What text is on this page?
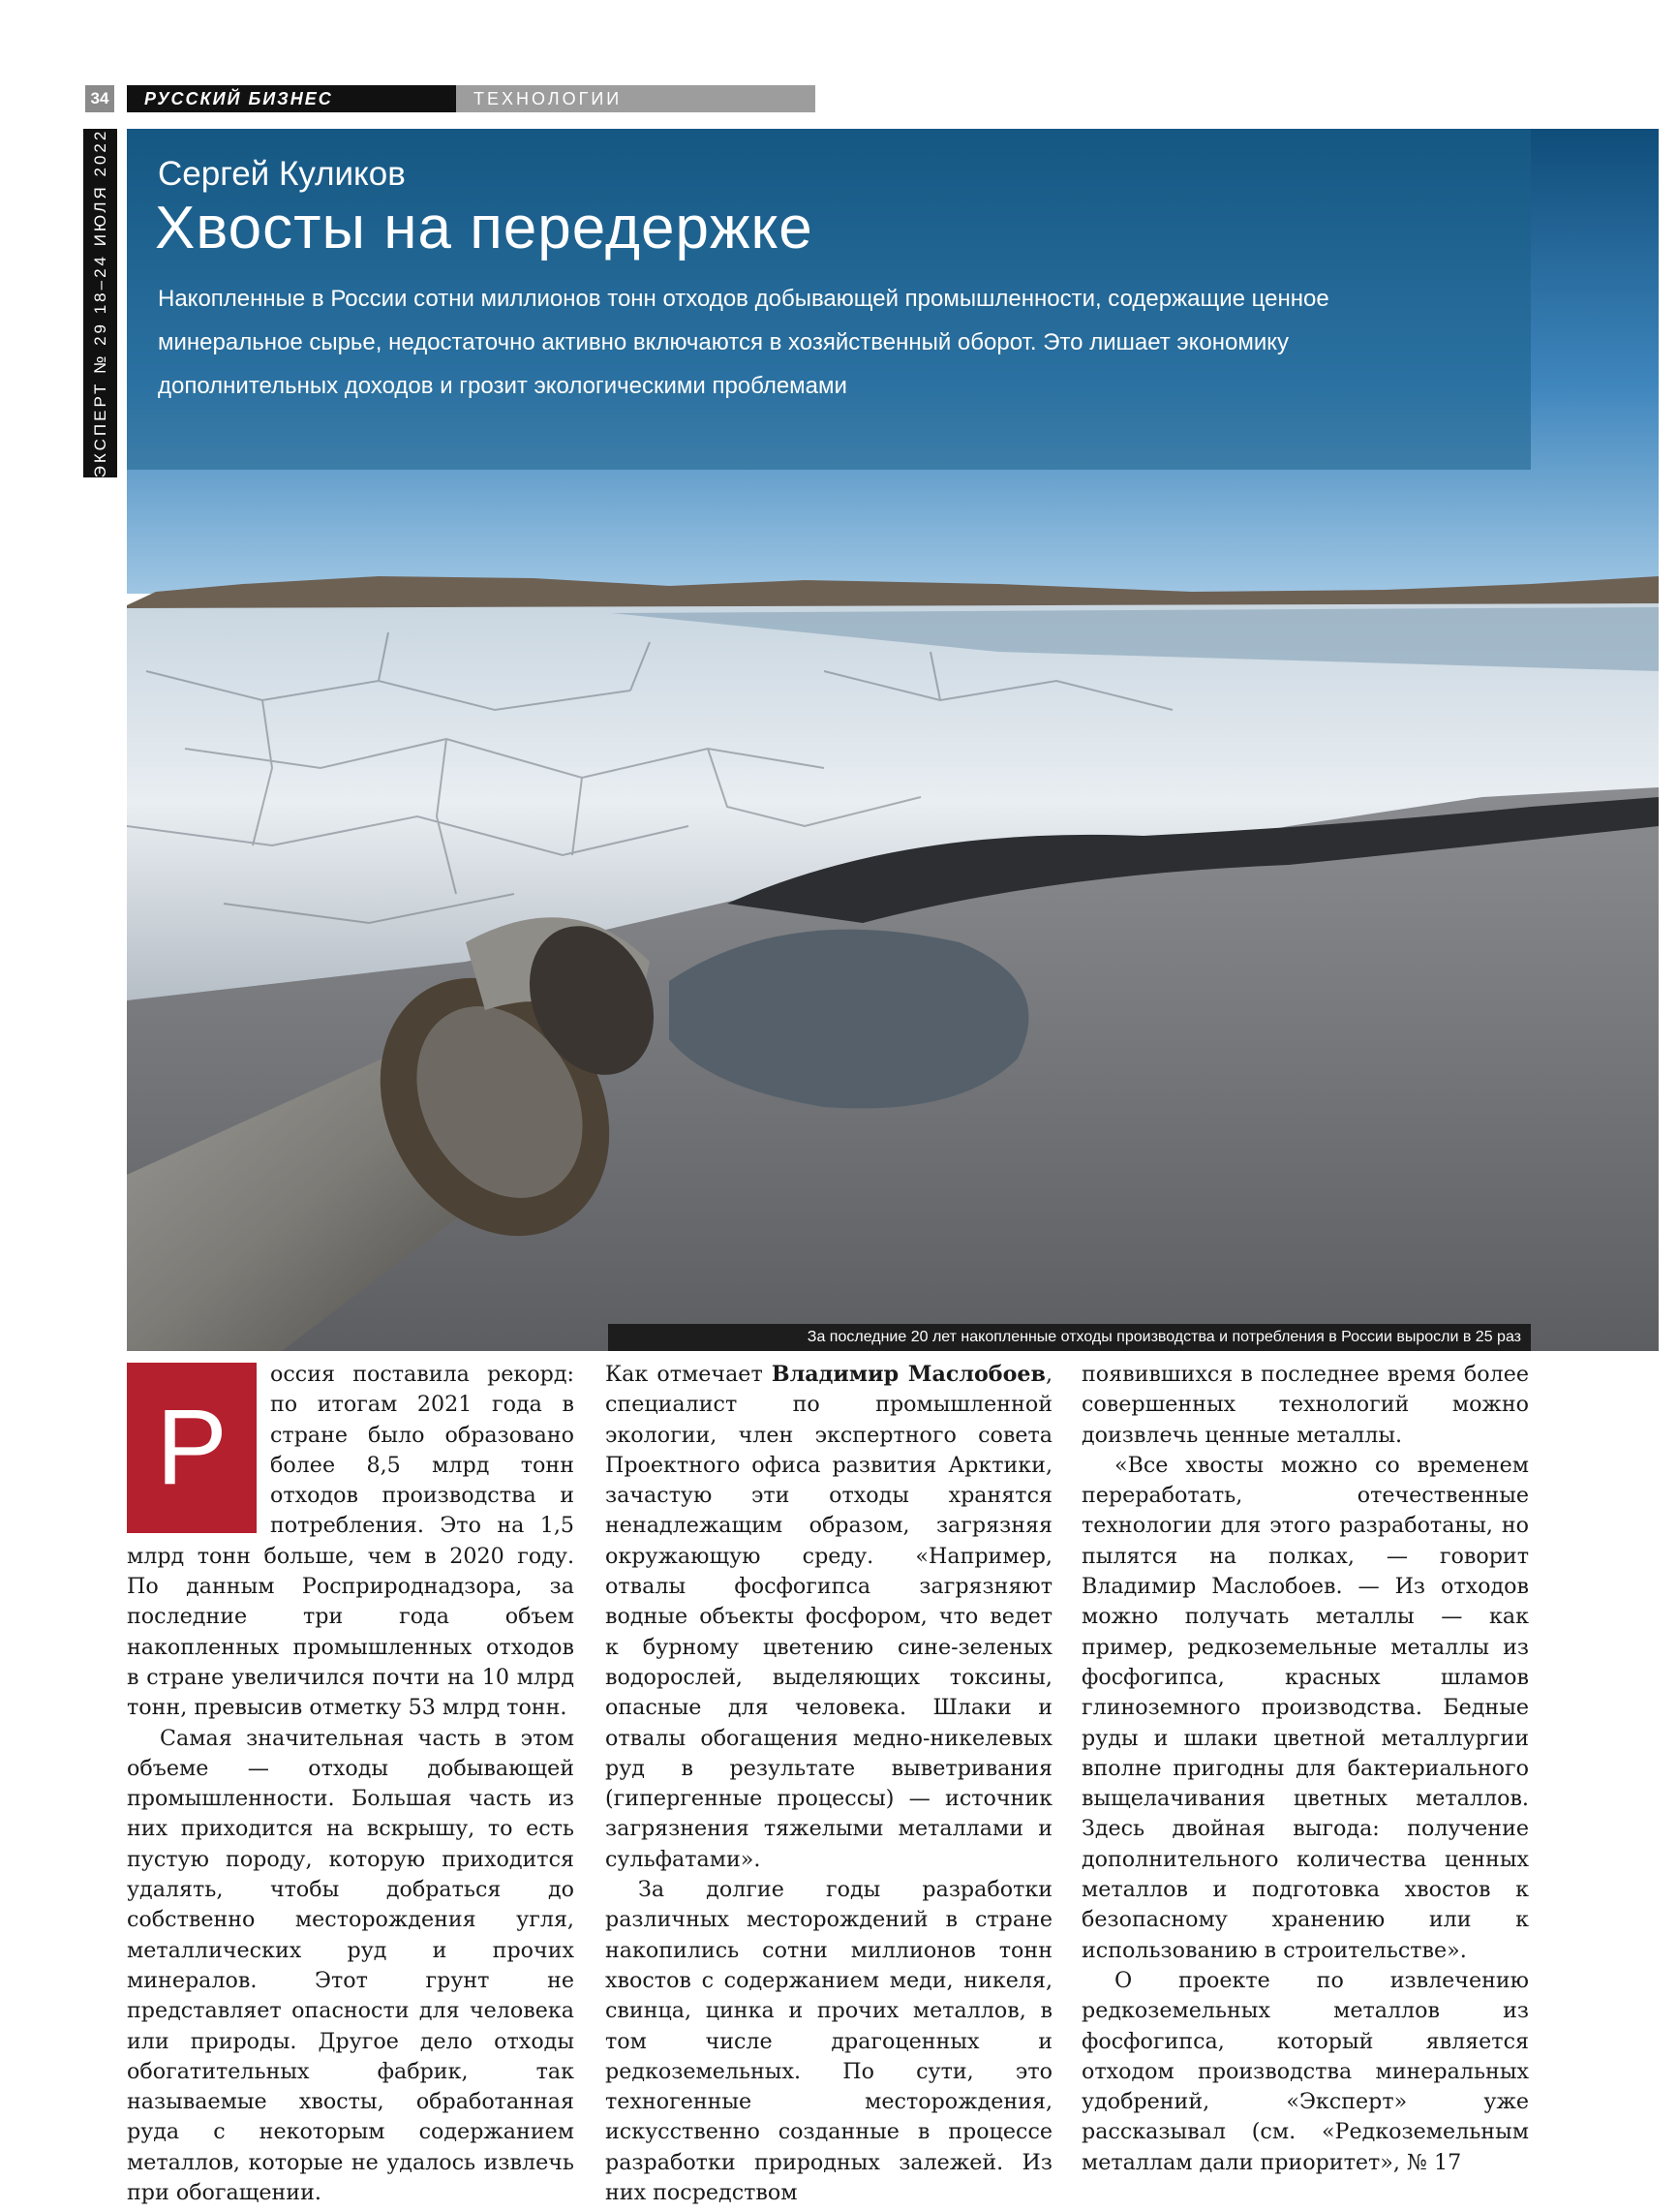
34	РУССКИЙ БИЗНЕС	ТЕХНОЛОГИИ
ЭКСПЕРТ № 29 18–24 ИЮЛЯ 2022 Сергей Куликов
Хвосты на передержке
Накопленные в России сотни миллионов тонн отходов добывающей промышленности, содержащие ценное минеральное сырье, недостаточно активно включаются в хозяйственный оборот. Это лишает экономику дополнительных доходов и грозит экологическими проблемами
За последние 20 лет накопленные отходы производства и потребления в России выросли в 25 раз
Р

оссия поставила рекорд: по итогам 2021 года в стране было образовано более 8,5 млрд тонн отходов производства и потребления. Это на 1,5 млрд тонн больше, чем в 2020 году. По данным Росприроднадзора, за последние три года объем накопленных промышленных отходов в стране увеличился почти на 10 млрд тонн, превысив отметку 53 млрд тонн.

Самая значительная часть в этом объеме — отходы добывающей промышленности. Большая часть из них приходится на вскрышу, то есть пустую породу, которую приходится удалять, чтобы добраться до собственно месторождения угля, металлических руд и прочих минералов. Этот грунт не представляет опасности для человека или природы. Другое дело отходы обогатительных фабрик, так называемые хвосты, обработанная руда с некоторым содержанием металлов, которые не удалось извлечь при обогащении.

Как отмечает Владимир Маслобоев, специалист по промышленной экологии, член экспертного совета Проектного офиса развития Арктики, зачастую эти отходы хранятся ненадлежащим образом, загрязняя окружающую среду. «Например, отвалы фосфогипса загрязняют водные объекты фосфором, что ведет к бурному цветению сине-зеленых водорослей, выделяющих токсины, опасные для человека. Шлаки и отвалы обогащения медно-никелевых руд в результате выветривания (гипергенные процессы) — источник загрязнения тяжелыми металлами и сульфатами».

За долгие годы разработки различных месторождений в стране накопились сотни миллионов тонн хвостов с содержанием меди, никеля, свинца, цинка и прочих металлов, в том числе драгоценных и редкоземельных. По сути, это техногенные месторождения, искусственно созданные в процессе разработки природных залежей. Из них посредством

появившихся в последнее время более совершенных технологий можно доизвлечь ценные металлы.

«Все хвосты можно со временем переработать, отечественные технологии для этого разработаны, но пылятся на полках, — говорит Владимир Маслобоев. — Из отходов можно получать металлы — как пример, редкоземельные металлы из фосфогипса, красных шламов глиноземного производства. Бедные руды и шлаки цветной металлургии вполне пригодны для бактериального выщелачивания цветных металлов. Здесь двойная выгода: получение дополнительного количества ценных металлов и подготовка хвостов к безопасному хранению или к использованию в строительстве».

О проекте по извлечению редкоземельных металлов из фосфогипса, который является отходом производства минеральных удобрений, «Эксперт» уже рассказывал (см. «Редкоземельным металлам дали приоритет», № 17
